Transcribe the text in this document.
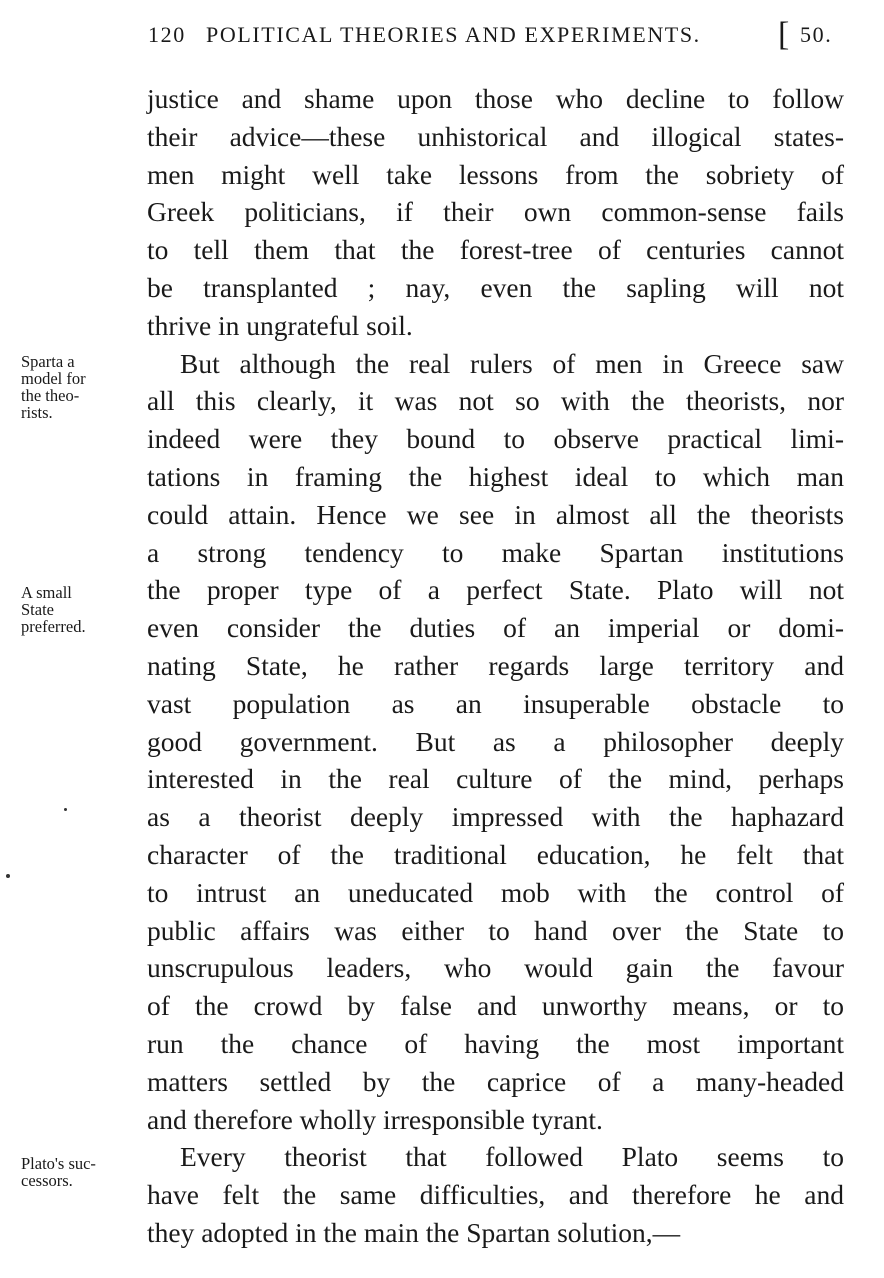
120 POLITICAL THEORIES AND EXPERIMENTS. [ 50.
Sparta a
model for
the theo-
rists.
A small
State
preferred.
Plato's suc-
cessors.
justice and shame upon those who decline to follow
their advice—these unhistorical and illogical states-
men might well take lessons from the sobriety of
Greek politicians, if their own common-sense fails
to tell them that the forest-tree of centuries cannot
be transplanted ; nay, even the sapling will not
thrive in ungrateful soil.
But although the real rulers of men in Greece saw
all this clearly, it was not so with the theorists, nor
indeed were they bound to observe practical limi-
tations in framing the highest ideal to which man
could attain. Hence we see in almost all the theorists
a strong tendency to make Spartan institutions
the proper type of a perfect State. Plato will not
even consider the duties of an imperial or domi-
nating State, he rather regards large territory and
vast population as an insuperable obstacle to
good government. But as a philosopher deeply
interested in the real culture of the mind, perhaps
as a theorist deeply impressed with the haphazard
character of the traditional education, he felt that
to intrust an uneducated mob with the control of
public affairs was either to hand over the State to
unscrupulous leaders, who would gain the favour
of the crowd by false and unworthy means, or to
run the chance of having the most important
matters settled by the caprice of a many-headed
and therefore wholly irresponsible tyrant.
Every theorist that followed Plato seems to
have felt the same difficulties, and therefore he and
they adopted in the main the Spartan solution,—
